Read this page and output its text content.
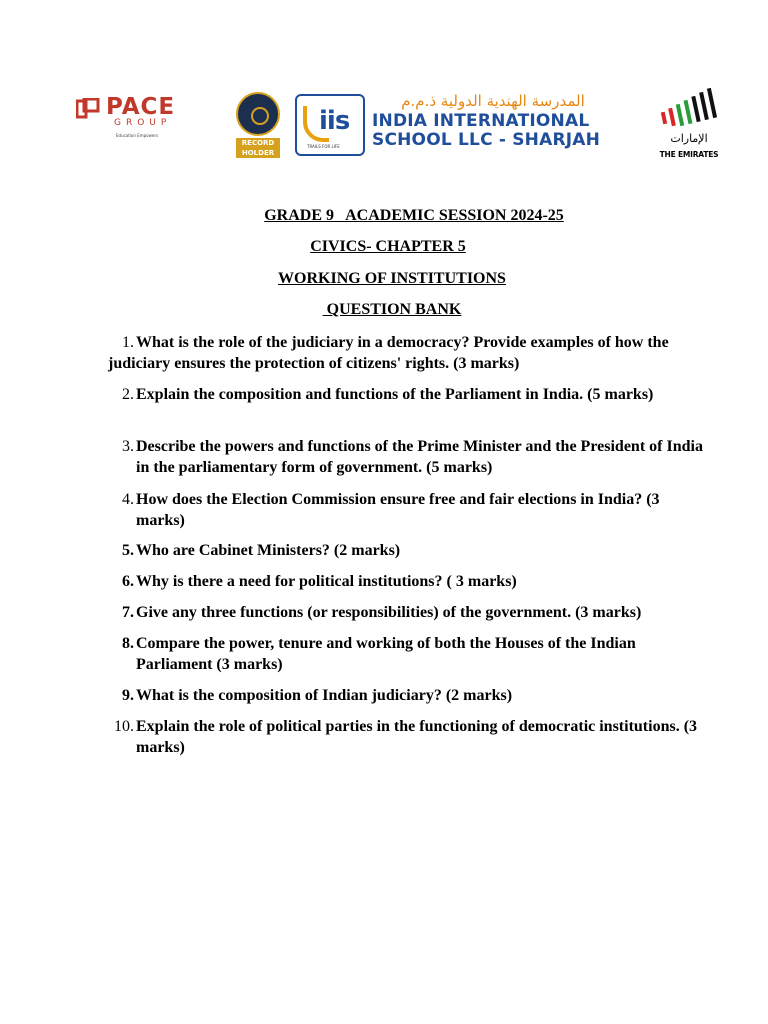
PACE
GROUP
Education Empowers
RECORD HOLDER
iis
TRAILS FOR LIFE
المدرسة الهندية الدولية ذ.م.م
INDIA INTERNATIONAL
SCHOOL LLC - SHARJAH	الإمارات
THE EMIRATES
GRADE 9   ACADEMIC SESSION 2024-25
CIVICS- CHAPTER 5
WORKING OF INSTITUTIONS
QUESTION BANK
1. What is the role of the judiciary in a democracy? Provide examples of how the judiciary ensures the protection of citizens' rights. (3 marks)
2. Explain the composition and functions of the Parliament in India. (5 marks)
3. Describe the powers and functions of the Prime Minister and the President of India in the parliamentary form of government. (5 marks)
4. How does the Election Commission ensure free and fair elections in India? (3 marks)
5. Who are Cabinet Ministers? (2 marks)
6. Why is there a need for political institutions? ( 3 marks)
7. Give any three functions (or responsibilities) of the government. (3 marks)
8. Compare the power, tenure and working of both the Houses of the Indian Parliament (3 marks)
9. What is the composition of Indian judiciary? (2 marks)
10. Explain the role of political parties in the functioning of democratic institutions. (3 marks)
